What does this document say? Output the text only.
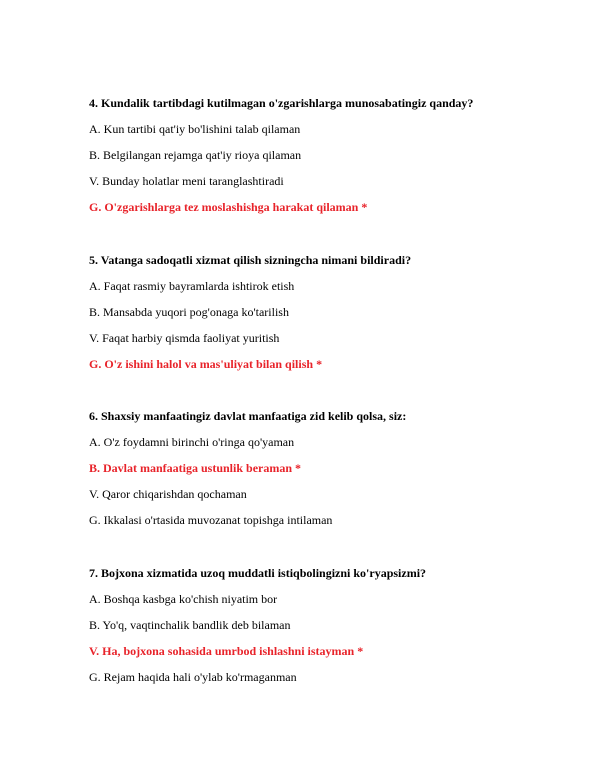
4. Kundalik tartibdagi kutilmagan o'zgarishlarga munosabatingiz qanday?
A. Kun tartibi qat'iy bo'lishini talab qilaman
B. Belgilangan rejamga qat'iy rioya qilaman
V. Bunday holatlar meni taranglashtiradi
G. O'zgarishlarga tez moslashishga harakat qilaman *
5. Vatanga sadoqatli xizmat qilish sizningcha nimani bildiradi?
A. Faqat rasmiy bayramlarda ishtirok etish
B. Mansabda yuqori pog'onaga ko'tarilish
V. Faqat harbiy qismda faoliyat yuritish
G. O'z ishini halol va mas'uliyat bilan qilish *
6. Shaxsiy manfaatingiz davlat manfaatiga zid kelib qolsa, siz:
A. O'z foydamni birinchi o'ringa qo'yaman
B. Davlat manfaatiga ustunlik beraman *
V. Qaror chiqarishdan qochaman
G. Ikkalasi o'rtasida muvozanat topishga intilaman
7. Bojxona xizmatida uzoq muddatli istiqbolingizni ko'ryapsizmi?
A. Boshqa kasbga ko'chish niyatim bor
B. Yo'q, vaqtinchalik bandlik deb bilaman
V. Ha, bojxona sohasida umrbod ishlashni istayman *
G. Rejam haqida hali o'ylab ko'rmaganman
